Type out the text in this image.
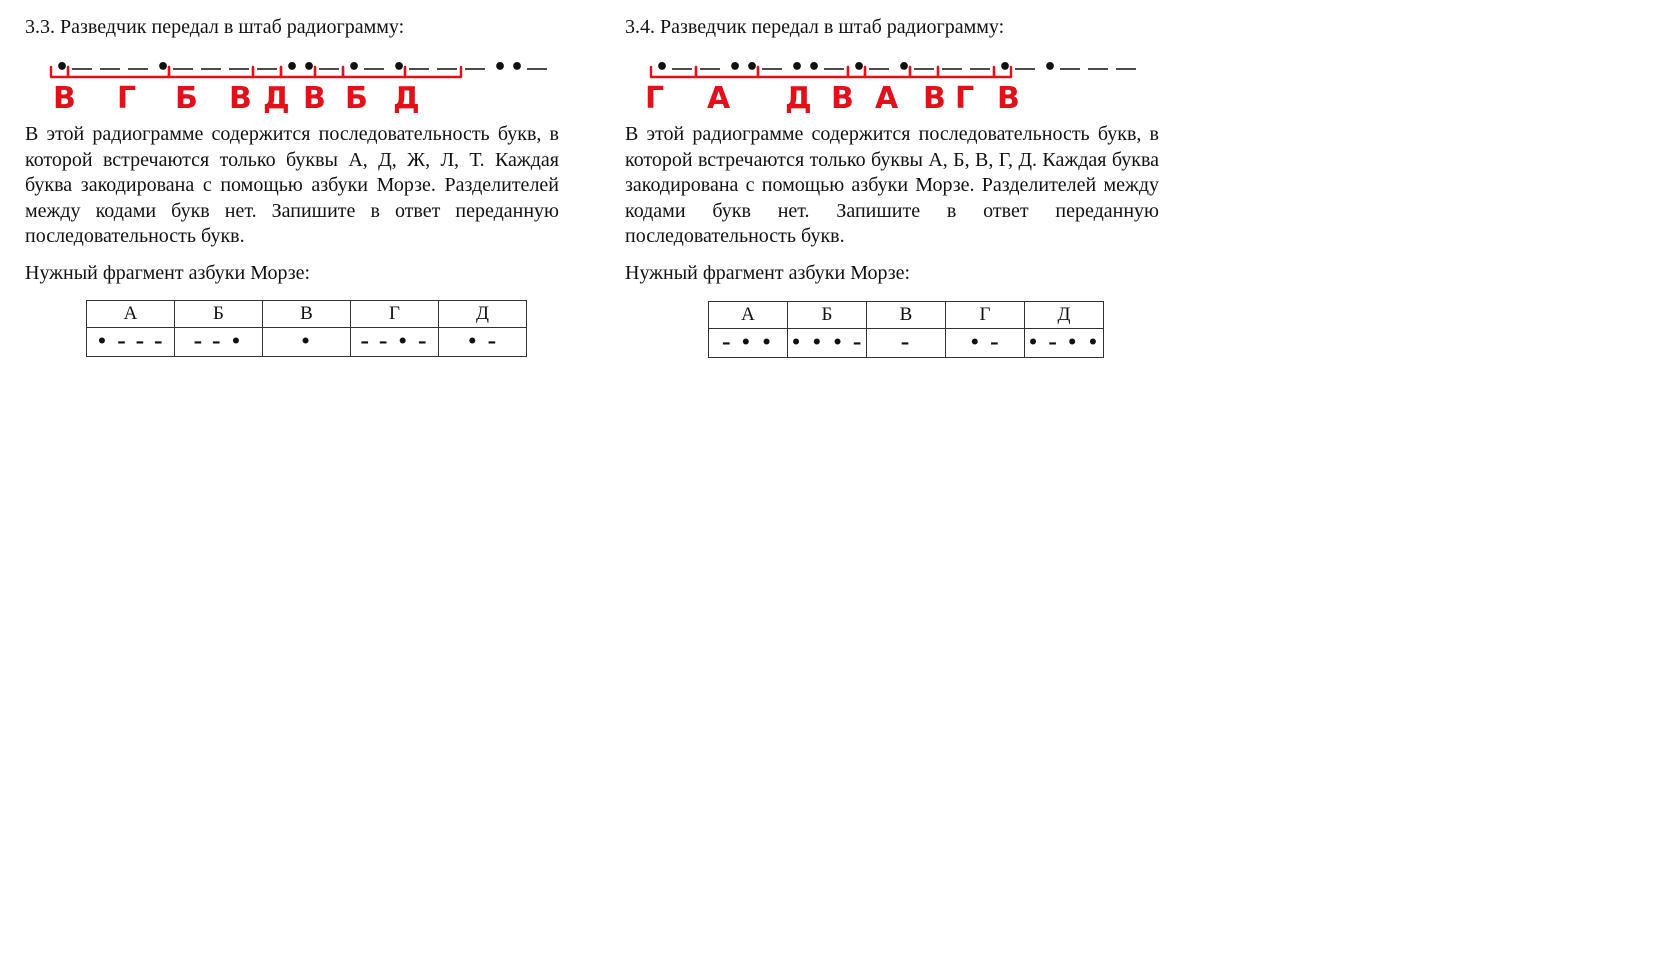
3.3. Разведчик передал в штаб радиограмму:
•	•	• • • •	• •
В Г Б В Д В Б Д

В этой радиограмме содержится последовательность букв, в которой встречаются только буквы А, Д, Ж, Л, Т. Каждая буква закодирована с помощью азбуки Морзе. Разделителей между кодами букв нет. Запишите в ответ переданную последовательность букв.

Нужный фрагмент азбуки Морзе:
А	Б	В	Г	Д
• – – –	– – •	•	– – • –	• –
3.4. Разведчик передал в штаб радиограмму:
•	• • • • • •	• •
Г А Д В А В Г В

В этой радиограмме содержится последовательность букв, в которой встречаются только буквы А, Б, В, Г, Д. Каждая буква закодирована с помощью азбуки Морзе. Разделителей между кодами букв нет. Запишите в ответ переданную последовательность букв.

Нужный фрагмент азбуки Морзе:
А	Б	В	Г	Д
– • •	• • • –	–	• –	• – • •
